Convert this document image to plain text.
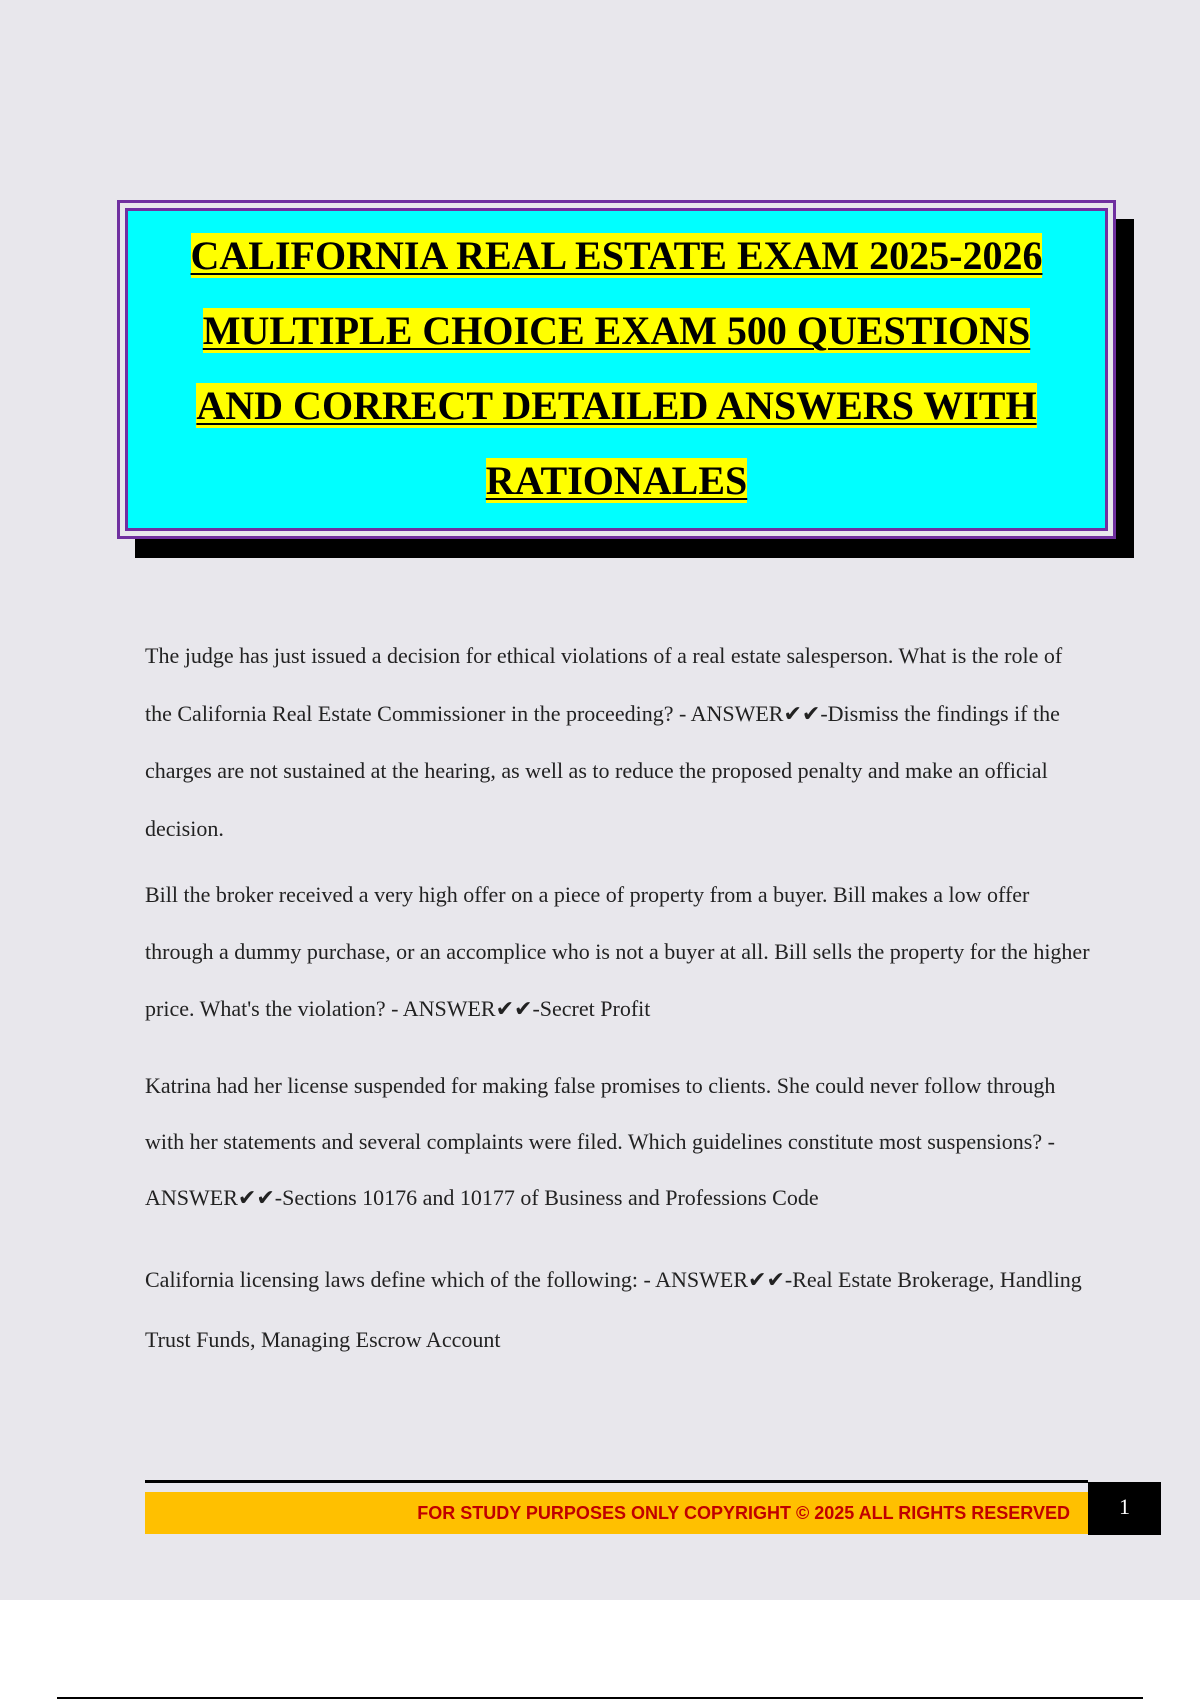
CALIFORNIA REAL ESTATE EXAM 2025-2026
MULTIPLE CHOICE EXAM 500 QUESTIONS
AND CORRECT DETAILED ANSWERS WITH
RATIONALES

The judge has just issued a decision for ethical violations of a real estate salesperson. What is the role of the California Real Estate Commissioner in the proceeding? - ANSWER✔✔-Dismiss the findings if the charges are not sustained at the hearing, as well as to reduce the proposed penalty and make an official decision.

Bill the broker received a very high offer on a piece of property from a buyer. Bill makes a low offer through a dummy purchase, or an accomplice who is not a buyer at all. Bill sells the property for the higher price. What's the violation? - ANSWER✔✔-Secret Profit

Katrina had her license suspended for making false promises to clients. She could never follow through with her statements and several complaints were filed. Which guidelines constitute most suspensions? - ANSWER✔✔-Sections 10176 and 10177 of Business and Professions Code

California licensing laws define which of the following: - ANSWER✔✔-Real Estate Brokerage, Handling Trust Funds, Managing Escrow Account

FOR STUDY PURPOSES ONLY COPYRIGHT © 2025 ALL RIGHTS RESERVED	1
